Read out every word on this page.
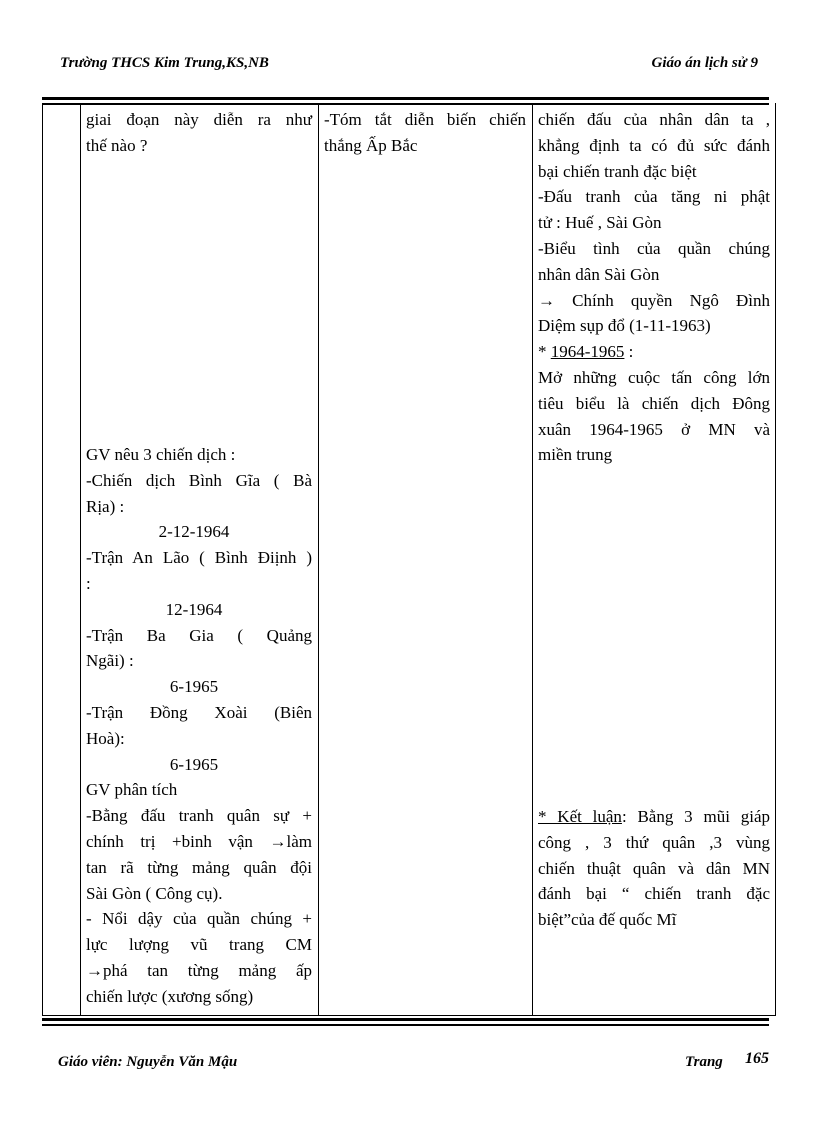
Trường THCS Kim Trung,KS,NB	Giáo án lịch sử 9

giai đoạn này diễn ra như

thế nào ?

GV nêu 3 chiến dịch :

-Chiến dịch Bình Gĩa ( Bà

Rịa) :

2-12-1964

-Trận An Lão ( Bình Điịnh )

:

12-1964

-Trận Ba Gia ( Quảng

Ngãi) :

6-1965

-Trận Đồng Xoài (Biên

Hoà):

6-1965

GV phân tích

-Bằng đấu tranh quân sự +

chính trị +binh vận →làm

tan rã từng mảng quân đội

Sài Gòn ( Công cụ).

- Nổi dậy của quần chúng +

lực lượng vũ trang CM

→phá tan từng mảng ấp

chiến lược (xương sống)

-Tóm tắt diễn biến chiến

thắng Ấp Bắc

chiến đấu của nhân dân ta ,

khẳng định ta có đủ sức đánh

bại chiến tranh đặc biệt

-Đấu tranh của tăng ni phật

tử : Huế , Sài Gòn

-Biểu tình của quần chúng

nhân dân Sài Gòn

→ Chính quyền Ngô Đình

Diệm sụp đổ (1-11-1963)

* 1964-1965 :

Mở những cuộc tấn công lớn

tiêu biểu là chiến dịch Đông

xuân 1964-1965 ở MN và

miền trung

* Kết luận: Bằng 3 mũi giáp

công , 3 thứ quân ,3 vùng

chiến thuật quân và dân MN

đánh bại “ chiến tranh đặc

biệt”của đế quốc Mĩ

Giáo viên: Nguyễn Văn Mậu	Trang 165
